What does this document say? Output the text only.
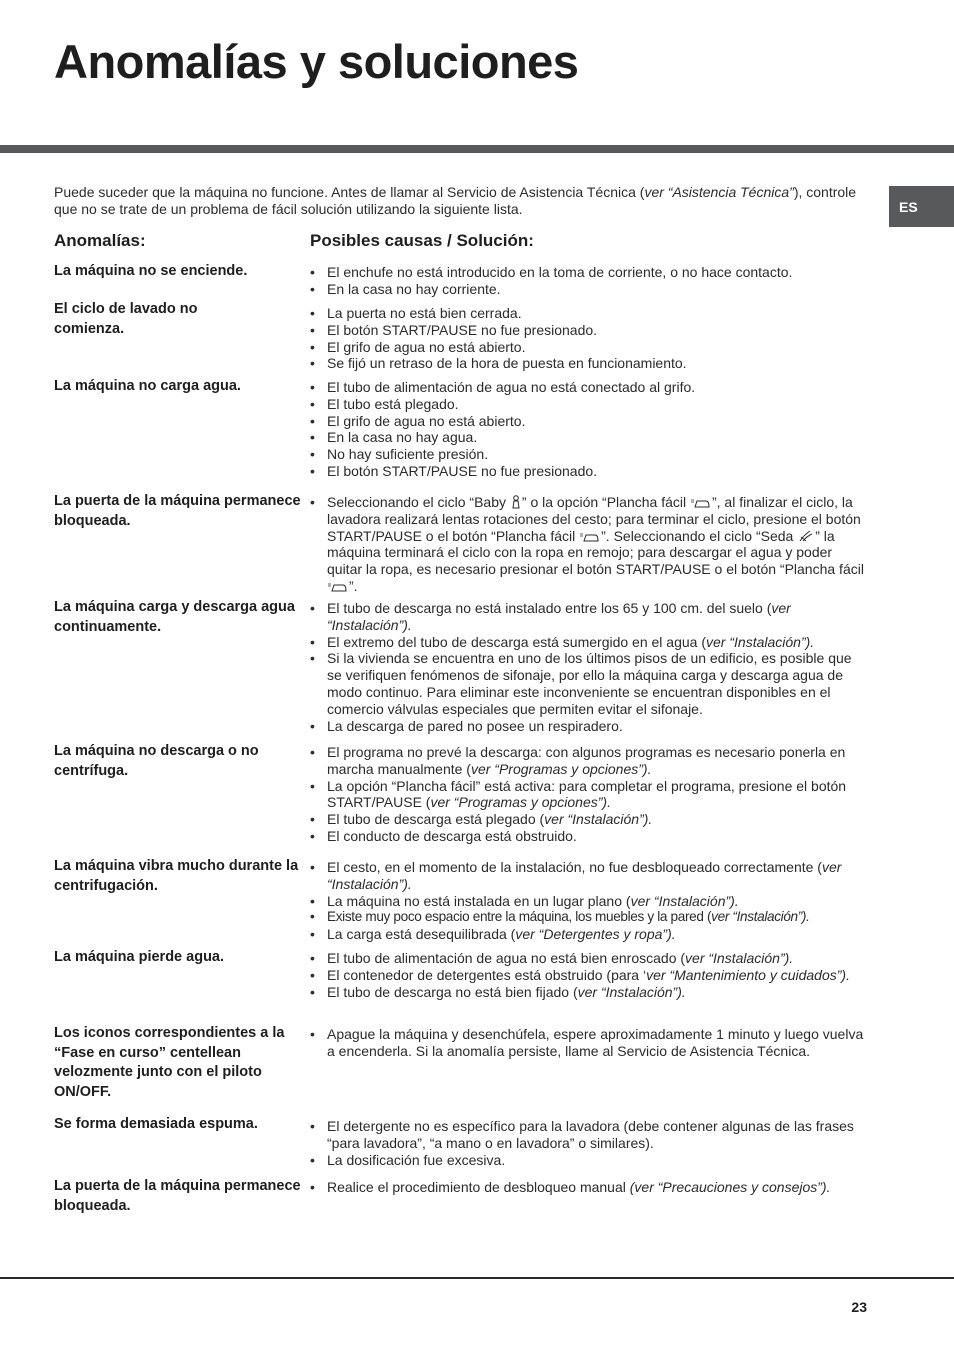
Anomalías y soluciones
ES

Puede suceder que la máquina no funcione. Antes de llamar al Servicio de Asistencia Técnica (ver “Asistencia Técnica”), controle que no se trate de un problema de fácil solución utilizando la siguiente lista.

Anomalías:	Posibles causas / Solución:
La máquina no se enciende.	• El enchufe no está introducido en la toma de corriente, o no hace contacto.
• En la casa no hay corriente.
El ciclo de lavado no comienza.
• La puerta no está bien cerrada.
• El botón START/PAUSE no fue presionado.
• El grifo de agua no está abierto.
• Se fijó un retraso de la hora de puesta en funcionamiento.
La máquina no carga agua.	• El tubo de alimentación de agua no está conectado al grifo.
• El tubo está plegado.
• El grifo de agua no está abierto.
• En la casa no hay agua.
• No hay suficiente presión.
• El botón START/PAUSE no fue presionado.
La puerta de la máquina permanece bloqueada.
• Seleccionando el ciclo “Baby ” o la opción “Plancha fácil ”, al finalizar el ciclo, la lavadora realizará lentas rotaciones del cesto; para terminar el ciclo, presione el botón START/PAUSE o el botón “Plancha fácil ”. Seleccionando el ciclo “Seda ” la máquina terminará el ciclo con la ropa en remojo; para descargar el agua y poder quitar la ropa, es necesario presionar el botón START/PAUSE o el botón “Plancha fácil ”.
La máquina carga y descarga agua continuamente.
• El tubo de descarga no está instalado entre los 65 y 100 cm. del suelo (ver “Instalación”).
• El extremo del tubo de descarga está sumergido en el agua (ver “Instalación”).
• Si la vivienda se encuentra en uno de los últimos pisos de un edificio, es posible que se verifiquen fenómenos de sifonaje, por ello la máquina carga y descarga agua de modo continuo. Para eliminar este inconveniente se encuentran disponibles en el comercio válvulas especiales que permiten evitar el sifonaje.
• La descarga de pared no posee un respiradero.
La máquina no descarga o no centrífuga.
• El programa no prevé la descarga: con algunos programas es necesario ponerla en marcha manualmente (ver “Programas y opciones”).
• La opción “Plancha fácil” está activa: para completar el programa, presione el botón START/PAUSE (ver “Programas y opciones”).
• El tubo de descarga está plegado (ver “Instalación”).
• El conducto de descarga está obstruido.
La máquina vibra mucho durante la centrifugación.
• El cesto, en el momento de la instalación, no fue desbloqueado correctamente (ver “Instalación”).
• La máquina no está instalada en un lugar plano (ver “Instalación”).
• Existe muy poco espacio entre la máquina, los muebles y la pared (ver “Instalación”).
• La carga está desequilibrada (ver “Detergentes y ropa”).
La máquina pierde agua.	• El tubo de alimentación de agua no está bien enroscado (ver “Instalación”).
• El contenedor de detergentes está obstruido (para ‘ver “Mantenimiento y cuidados”).
• El tubo de descarga no está bien fijado (ver “Instalación”).
Los iconos correspondientes a la “Fase en curso” centellean velozmente junto con el piloto ON/OFF.
• Apague la máquina y desenchúfela, espere aproximadamente 1 minuto y luego vuelva a encenderla. Si la anomalía persiste, llame al Servicio de Asistencia Técnica.
Se forma demasiada espuma.	• El detergente no es específico para la lavadora (debe contener algunas de las frases “para lavadora”, “a mano o en lavadora” o similares).
• La dosificación fue excesiva.
La puerta de la máquina permanece bloqueada.
• Realice el procedimiento de desbloqueo manual (ver “Precauciones y consejos”).
23
